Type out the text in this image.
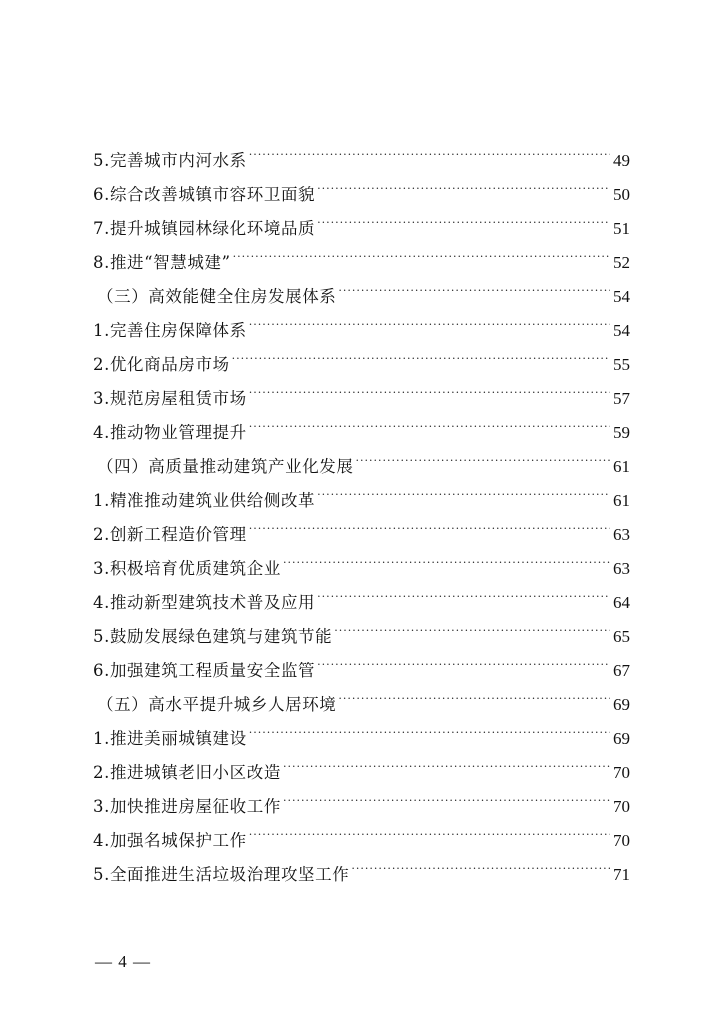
5.完善城市内河水系 .....	49
6.综合改善城镇市容环卫面貌 .....	50
7.提升城镇园林绿化环境品质 .....	51
8.推进“智慧城建” .....	52
（三）高效能健全住房发展体系 .....	54
1.完善住房保障体系 .....	54
2.优化商品房市场 .....	55
3.规范房屋租赁市场 .....	57
4.推动物业管理提升 .....	59
（四）高质量推动建筑产业化发展 .....	61
1.精准推动建筑业供给侧改革 .....	61
2.创新工程造价管理 .....	63
3.积极培育优质建筑企业 .....	63
4.推动新型建筑技术普及应用 .....	64
5.鼓励发展绿色建筑与建筑节能 .....	65
6.加强建筑工程质量安全监管 .....	67
（五）高水平提升城乡人居环境 .....	69
1.推进美丽城镇建设 .....	69
2.推进城镇老旧小区改造 .....	70
3.加快推进房屋征收工作 .....	70
4.加强名城保护工作 .....	70
5.全面推进生活垃圾治理攻坚工作 .....	71
— 4 —
